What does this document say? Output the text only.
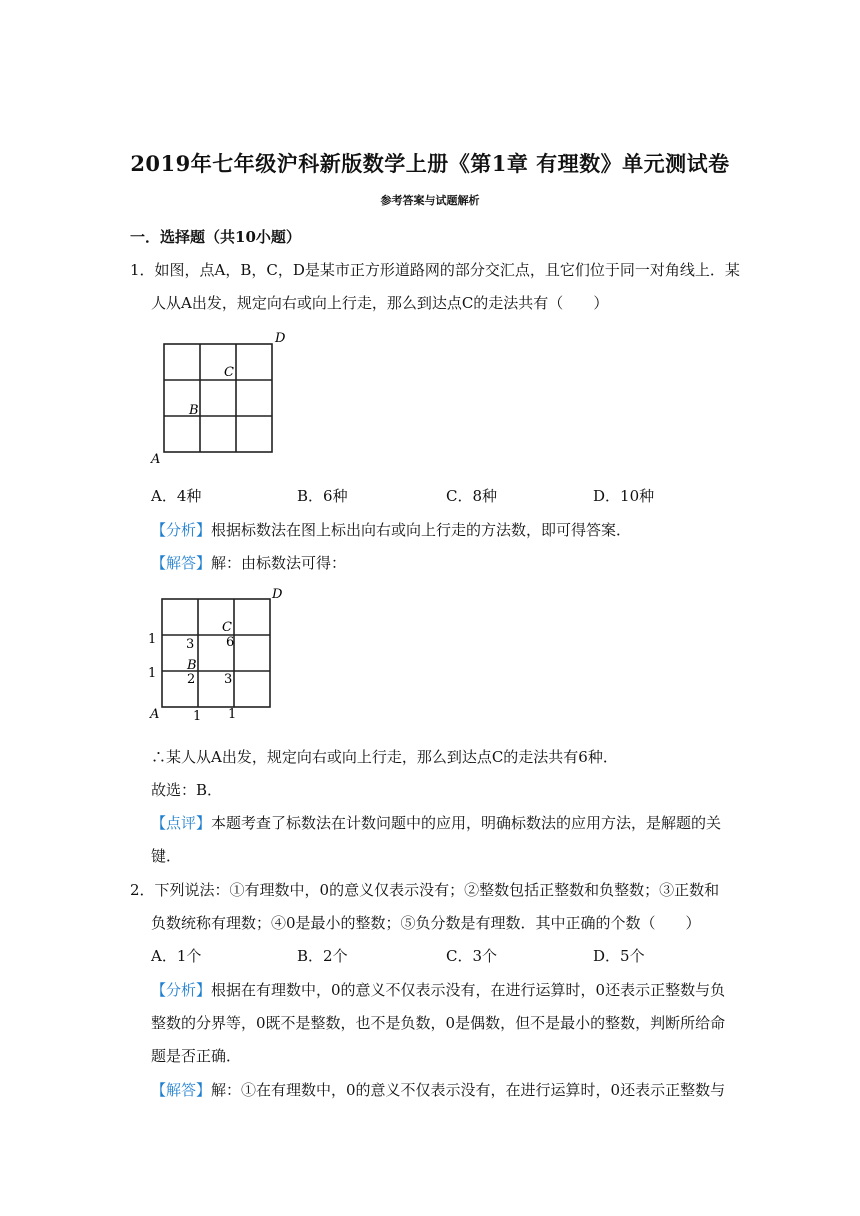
2019年七年级沪科新版数学上册《第1章 有理数》单元测试卷
参考答案与试题解析
一．选择题（共10小题）
1．如图，点A，B，C，D是某市正方形道路网的部分交汇点，且它们位于同一对角线上．某
人从A出发，规定向右或向上行走，那么到达点C的走法共有（　　）
A
B
C
D
A．4种	B．6种	C．8种	D．10种
【分析】根据标数法在图上标出向右或向上行走的方法数，即可得答案．
【解答】解：由标数法可得：
A
B
C
D
1
1
3 6
2 3
1 1
∴某人从A出发，规定向右或向上行走，那么到达点C的走法共有6种．
故选：B．
【点评】本题考查了标数法在计数问题中的应用，明确标数法的应用方法，是解题的关
键．
2．下列说法：①有理数中，0的意义仅表示没有；②整数包括正整数和负整数；③正数和
负数统称有理数；④0是最小的整数；⑤负分数是有理数．其中正确的个数（　　）
A．1个	B．2个	C．3个	D．5个
【分析】根据在有理数中，0的意义不仅表示没有，在进行运算时，0还表示正整数与负
整数的分界等，0既不是整数，也不是负数，0是偶数，但不是最小的整数，判断所给命
题是否正确．
【解答】解：①在有理数中，0的意义不仅表示没有，在进行运算时，0还表示正整数与
